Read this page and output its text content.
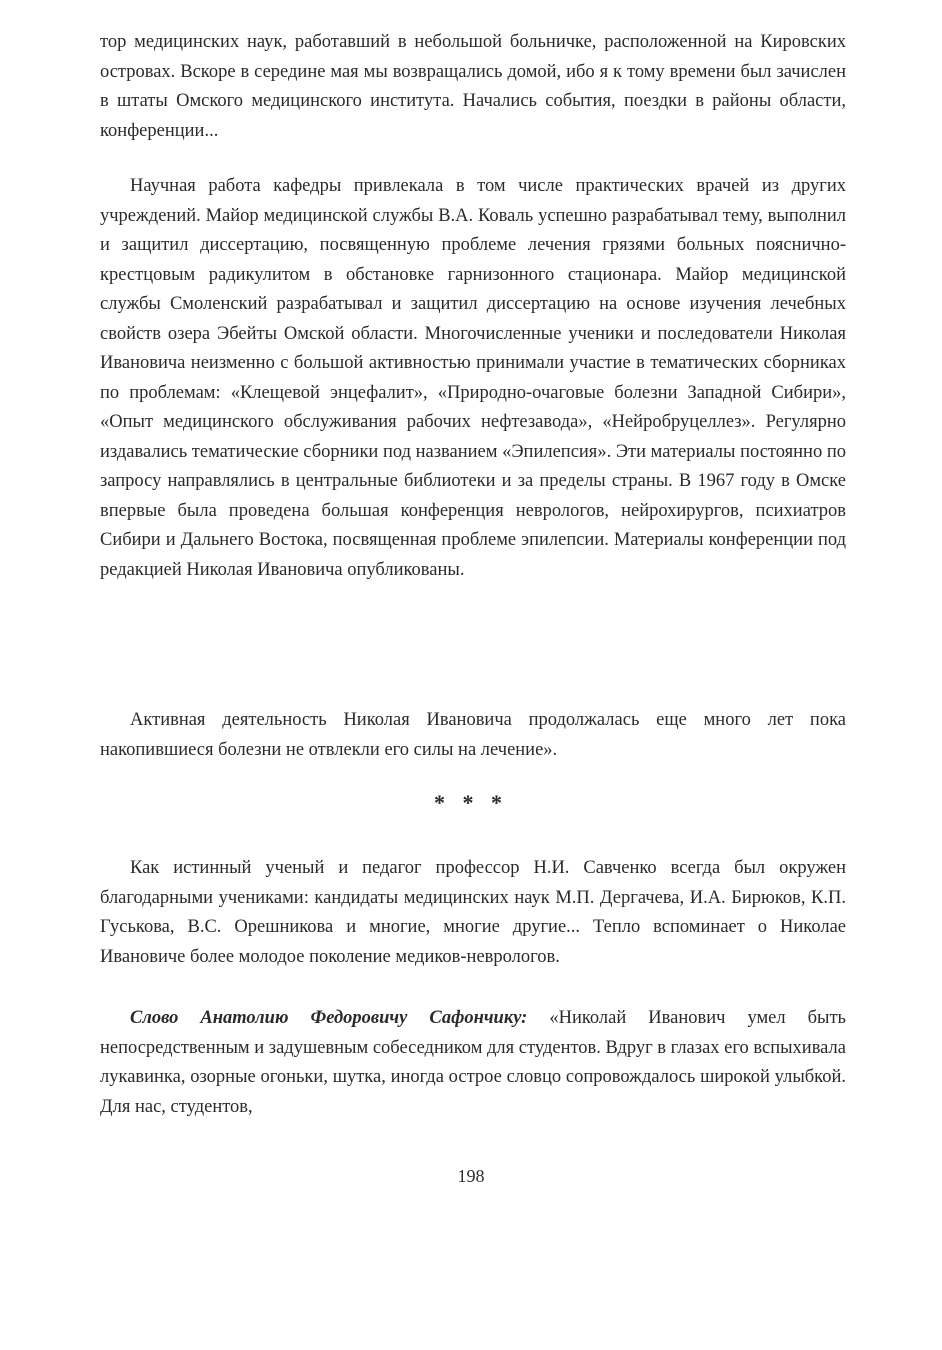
тор медицинских наук, работавший в небольшой больничке, расположенной на Кировских островах. Вскоре в середине мая мы возвращались домой, ибо я к тому времени был зачислен в штаты Омского медицинского института. Начались события, поездки в районы области, конференции...

Научная работа кафедры привлекала в том числе практических врачей из других учреждений. Майор медицинской службы В.А. Коваль успешно разрабатывал тему, выполнил и защитил диссертацию, посвященную проблеме лечения грязями больных пояснично-крестцовым радикулитом в обстановке гарнизонного стационара. Майор медицинской службы Смоленский разрабатывал и защитил диссертацию на основе изучения лечебных свойств озера Эбейты Омской области. Многочисленные ученики и последователи Николая Ивановича неизменно с большой активностью принимали участие в тематических сборниках по проблемам: «Клещевой энцефалит», «Природно-очаговые болезни Западной Сибири», «Опыт медицинского обслуживания рабочих нефтезавода», «Нейробруцеллез». Регулярно издавались тематические сборники под названием «Эпилепсия». Эти материалы постоянно по запросу направлялись в центральные библиотеки и за пределы страны. В 1967 году в Омске впервые была проведена большая конференция неврологов, нейрохирургов, психиатров Сибири и Дальнего Востока, посвященная проблеме эпилепсии. Материалы конференции под редакцией Николая Ивановича опубликованы.

Активная деятельность Николая Ивановича продолжалась еще много лет пока накопившиеся болезни не отвлекли его силы на лечение».

* * *

Как истинный ученый и педагог профессор Н.И. Савченко всегда был окружен благодарными учениками: кандидаты медицинских наук М.П. Дергачева, И.А. Бирюков, К.П. Гуськова, В.С. Орешникова и многие, многие другие... Тепло вспоминает о Николае Ивановиче более молодое поколение медиков-неврологов.

Слово Анатолию Федоровичу Сафончику: «Николай Иванович умел быть непосредственным и задушевным собеседником для студентов. Вдруг в глазах его вспыхивала лукавинка, озорные огоньки, шутка, иногда острое словцо сопровождалось широкой улыбкой. Для нас, студентов,

198
